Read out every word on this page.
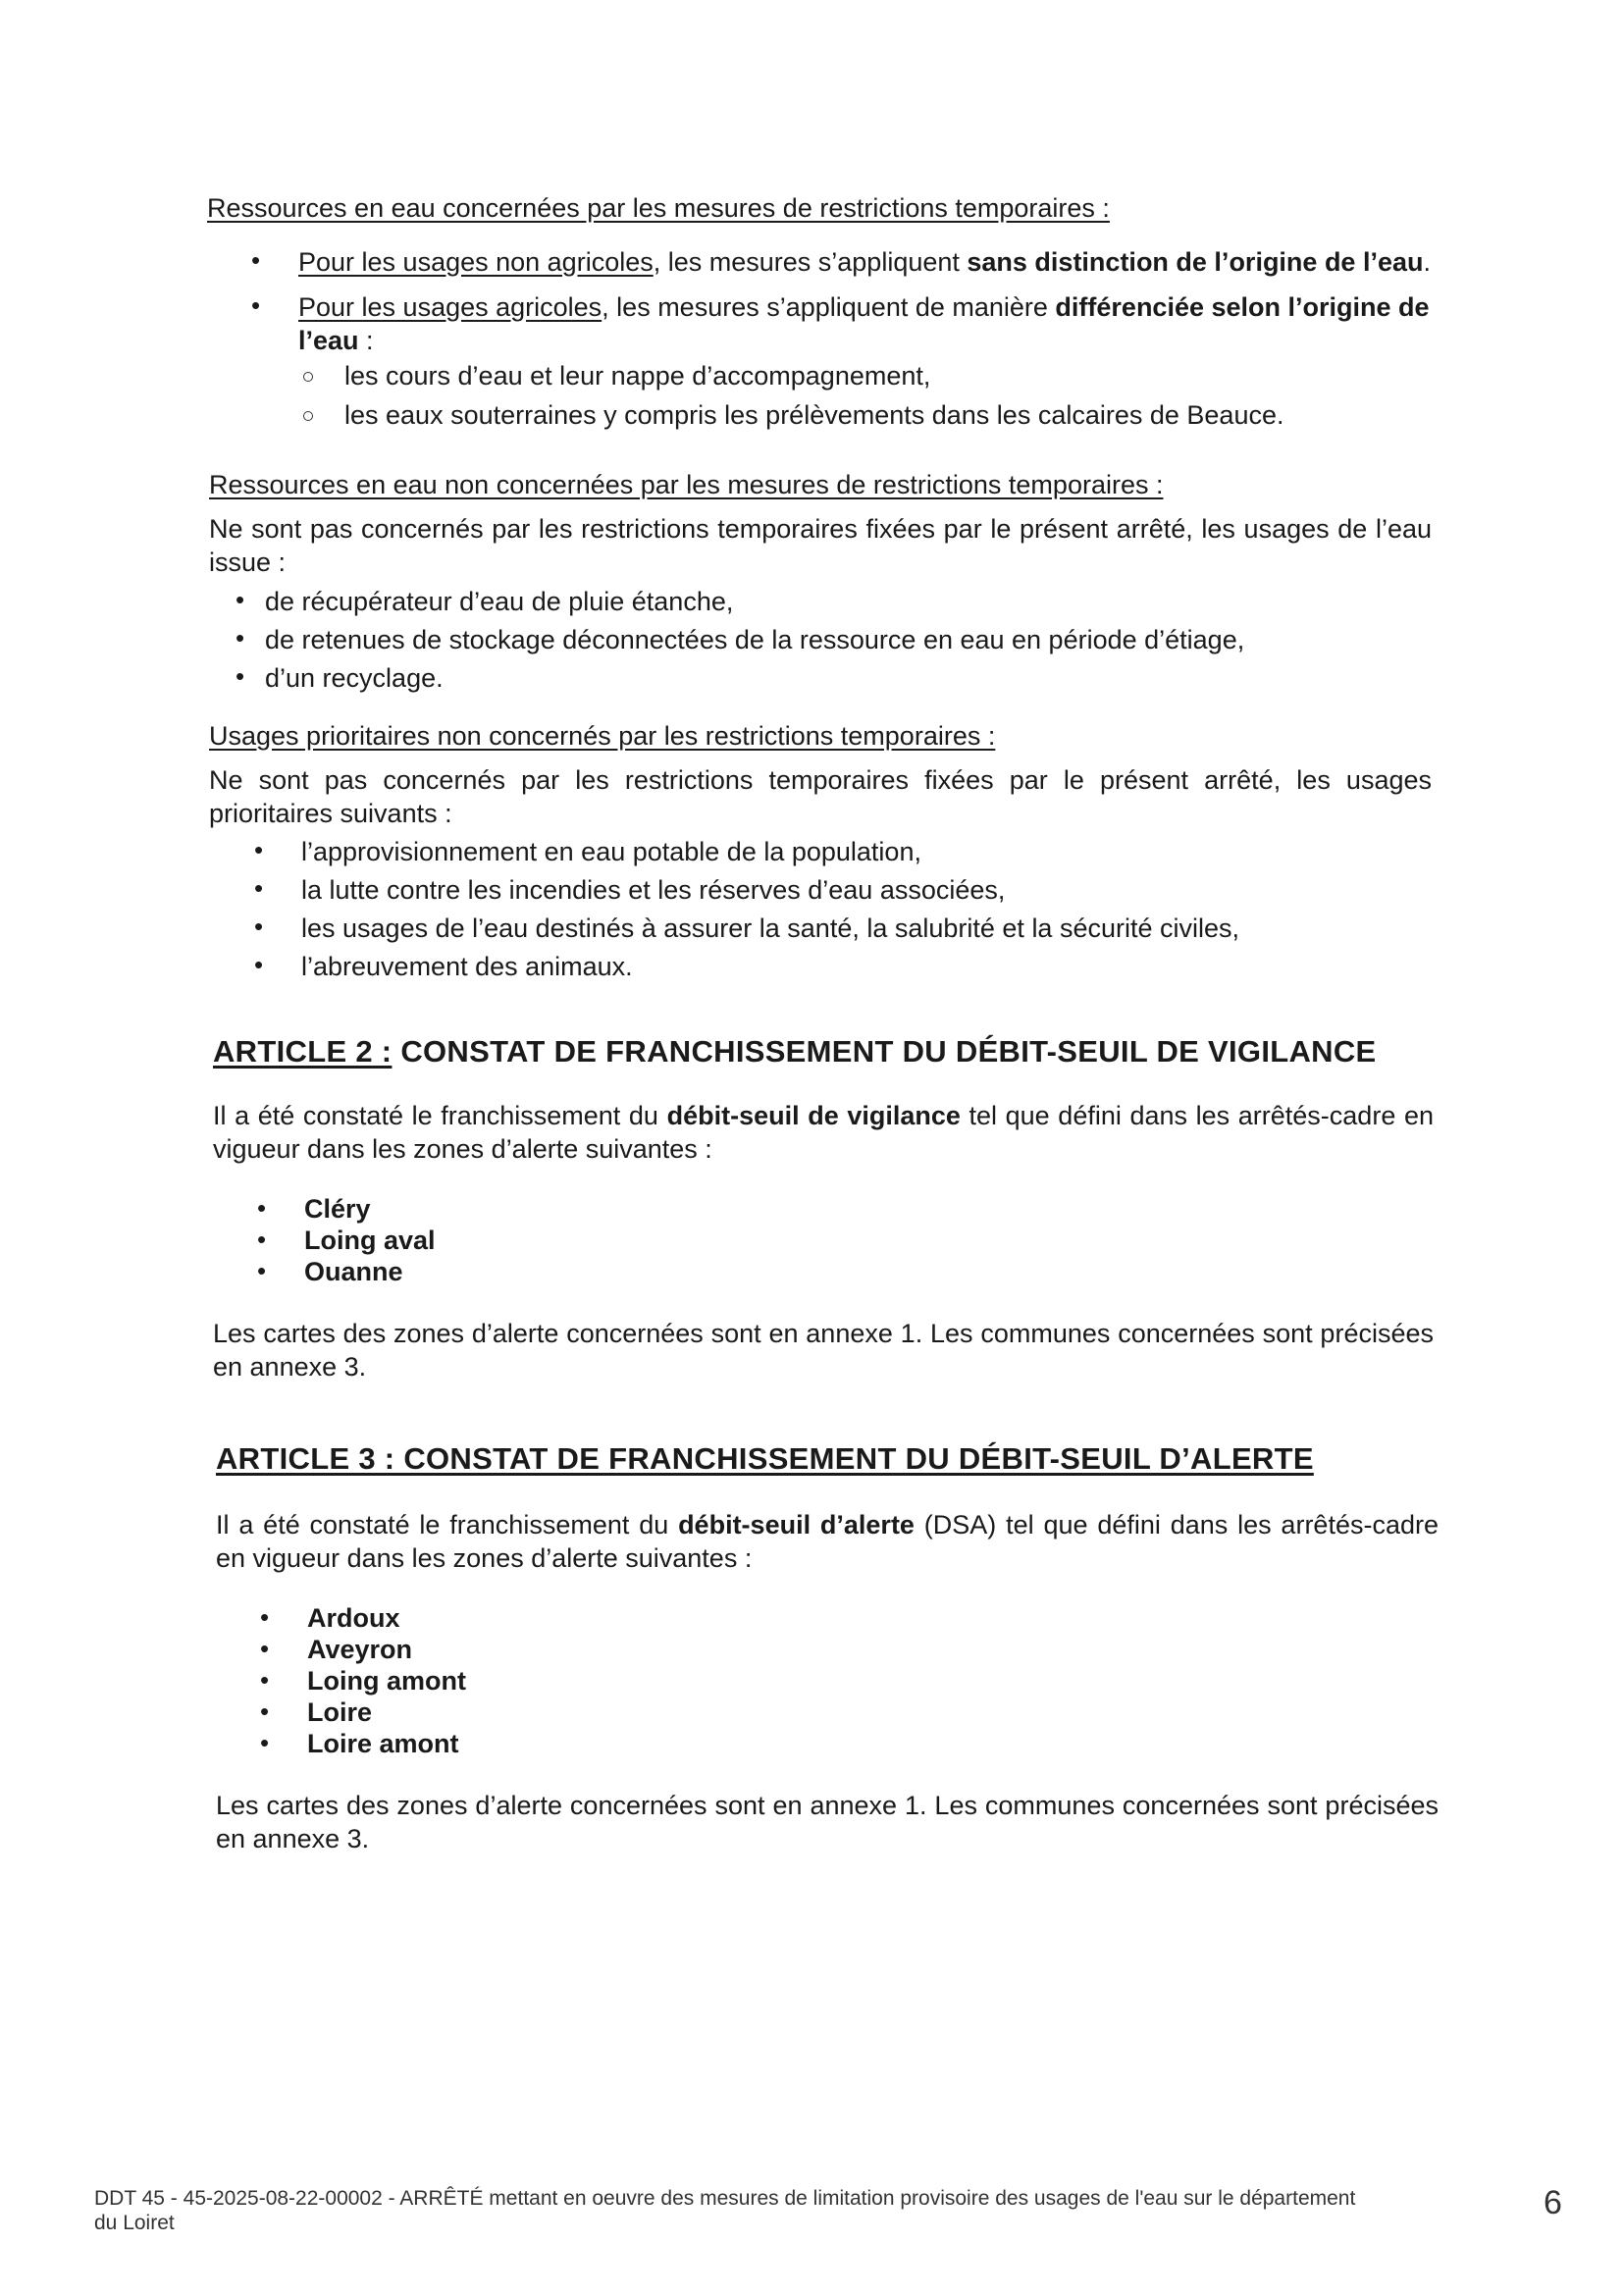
Ressources en eau concernées par les mesures de restrictions temporaires :
• Pour les usages non agricoles, les mesures s’appliquent sans distinction de l’origine de l’eau.
• Pour les usages agricoles, les mesures s’appliquent de manière différenciée selon l’origine de
l’eau :
les cours d’eau et leur nappe d’accompagnement,
les eaux souterraines y compris les prélèvements dans les calcaires de Beauce.
Ressources en eau non concernées par les mesures de restrictions temporaires :
Ne sont pas concernés par les restrictions temporaires fixées par le présent arrêté, les usages de l’eau issue :
• de récupérateur d’eau de pluie étanche,
• de retenues de stockage déconnectées de la ressource en eau en période d’étiage,
• d’un recyclage.
Usages prioritaires non concernés par les restrictions temporaires :
Ne sont pas concernés par les restrictions temporaires fixées par le présent arrêté, les usages prioritaires suivants :
• l’approvisionnement en eau potable de la population,
• la lutte contre les incendies et les réserves d’eau associées,
• les usages de l’eau destinés à assurer la santé, la salubrité et la sécurité civiles,
• l’abreuvement des animaux.
ARTICLE 2 : CONSTAT DE FRANCHISSEMENT DU DÉBIT-SEUIL DE VIGILANCE
Il a été constaté le franchissement du débit-seuil de vigilance tel que défini dans les arrêtés-cadre en vigueur dans les zones d’alerte suivantes :
• Cléry
• Loing aval
• Ouanne
Les cartes des zones d’alerte concernées sont en annexe 1. Les communes concernées sont précisées en annexe 3.
ARTICLE 3 : CONSTAT DE FRANCHISSEMENT DU DÉBIT-SEUIL D’ALERTE
Il a été constaté le franchissement du débit-seuil d’alerte (DSA) tel que défini dans les arrêtés-cadre en vigueur dans les zones d’alerte suivantes :
• Ardoux
• Aveyron
• Loing amont
• Loire
• Loire amont
Les cartes des zones d’alerte concernées sont en annexe 1. Les communes concernées sont précisées en annexe 3.
DDT 45 - 45-2025-08-22-00002 - ARRÊTÉ mettant en oeuvre des mesures de limitation provisoire des usages de l'eau sur le département du Loiret
6
